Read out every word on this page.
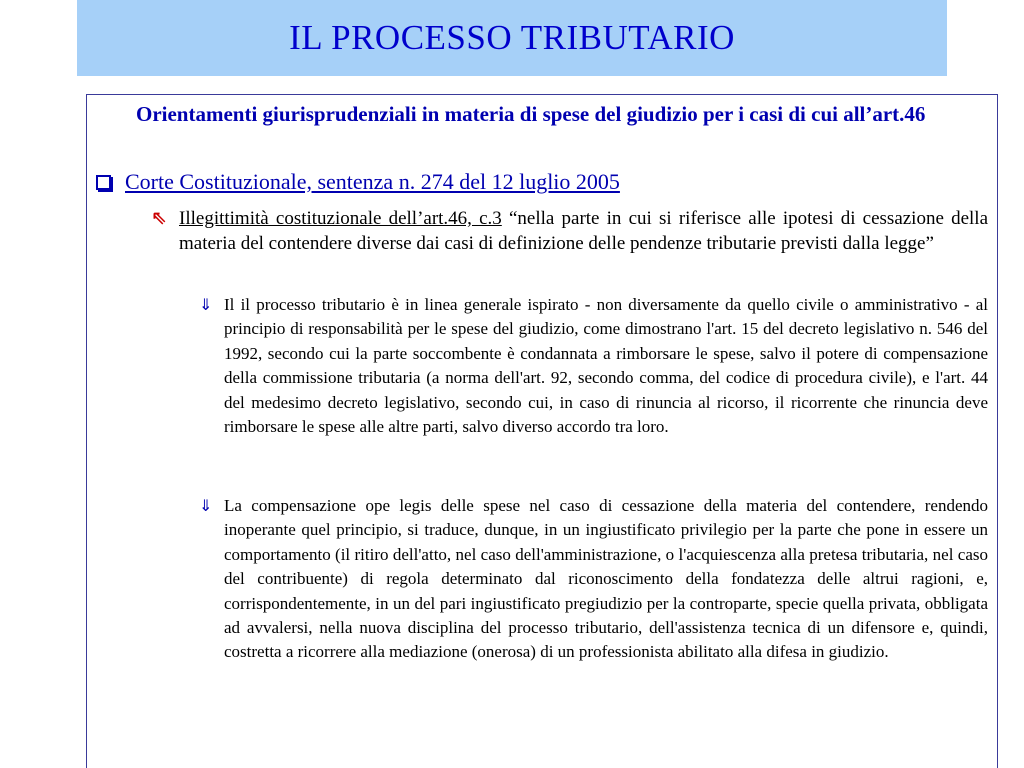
IL PROCESSO TRIBUTARIO
Orientamenti giurisprudenziali in materia di spese del giudizio per i casi di cui all’art.46
Corte Costituzionale, sentenza n. 274 del 12 luglio 2005
⇖ Illegittimità costituzionale dell’art.46, c.3 “nella parte in cui si riferisce alle ipotesi di cessazione della materia del contendere diverse dai casi di definizione delle pendenze tributarie previsti dalla legge”
⇓ Il il processo tributario è in linea generale ispirato - non diversamente da quello civile o amministrativo - al principio di responsabilità per le spese del giudizio, come dimostrano l'art. 15 del decreto legislativo n. 546 del 1992, secondo cui la parte soccombente è condannata a rimborsare le spese, salvo il potere di compensazione della commissione tributaria (a norma dell'art. 92, secondo comma, del codice di procedura civile), e l'art. 44 del medesimo decreto legislativo, secondo cui, in caso di rinuncia al ricorso, il ricorrente che rinuncia deve rimborsare le spese alle altre parti, salvo diverso accordo tra loro.
⇓ La compensazione ope legis delle spese nel caso di cessazione della materia del contendere, rendendo inoperante quel principio, si traduce, dunque, in un ingiustificato privilegio per la parte che pone in essere un comportamento (il ritiro dell'atto, nel caso dell'amministrazione, o l'acquiescenza alla pretesa tributaria, nel caso del contribuente) di regola determinato dal riconoscimento della fondatezza delle altrui ragioni, e, corrispondentemente, in un del pari ingiustificato pregiudizio per la controparte, specie quella privata, obbligata ad avvalersi, nella nuova disciplina del processo tributario, dell'assistenza tecnica di un difensore e, quindi, costretta a ricorrere alla mediazione (onerosa) di un professionista abilitato alla difesa in giudizio.
